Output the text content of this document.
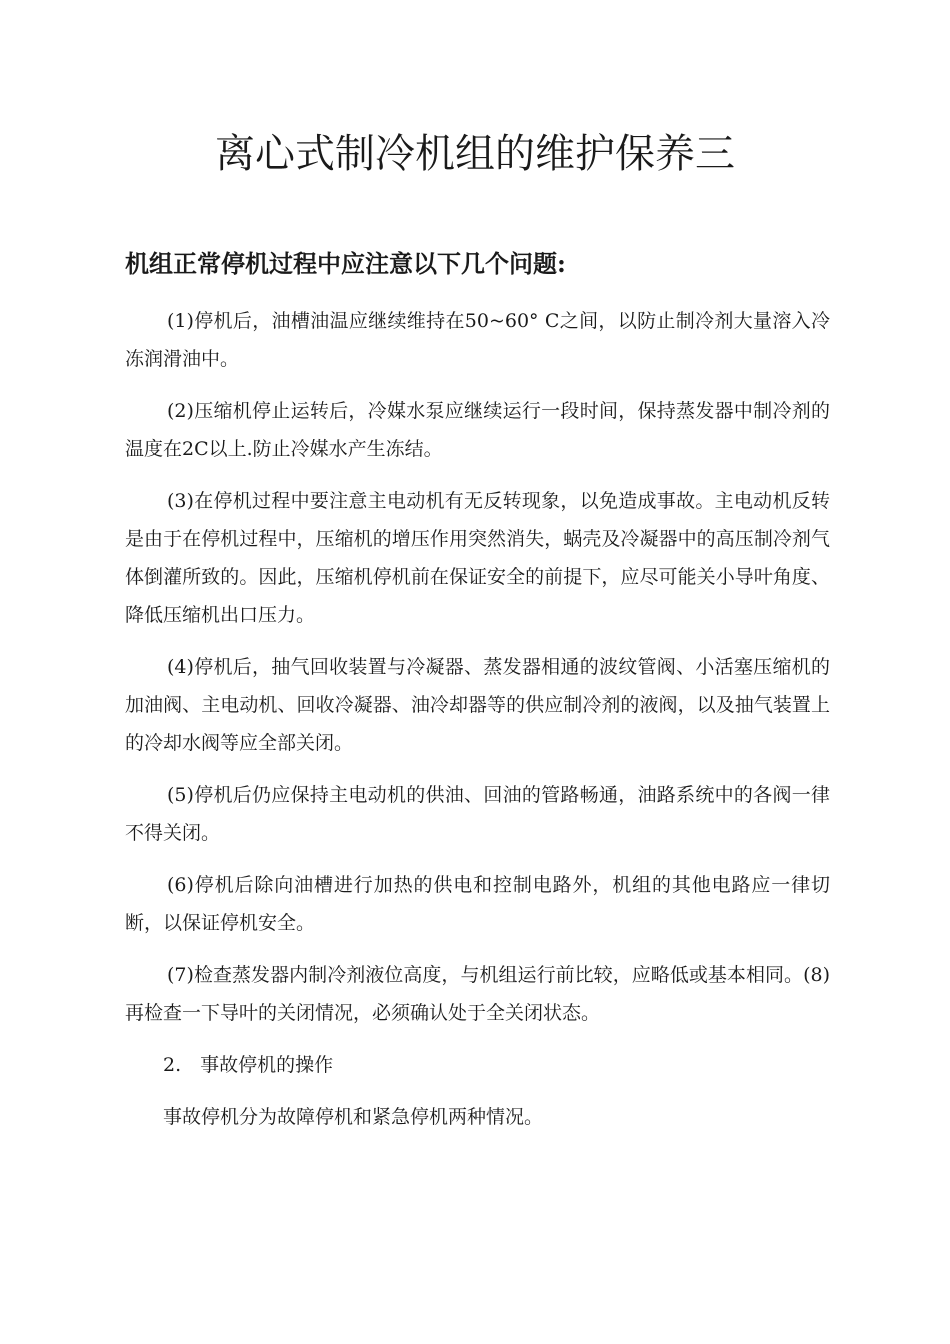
离心式制冷机组的维护保养三
机组正常停机过程中应注意以下几个问题:

(1)停机后，油槽油温应继续维持在50~60° C之间，以防止制冷剂大量溶入冷冻润滑油中。

(2)压缩机停止运转后，冷媒水泵应继续运行一段时间，保持蒸发器中制冷剂的温度在2C以上.防止冷媒水产生冻结。

(3)在停机过程中要注意主电动机有无反转现象，以免造成事故。主电动机反转是由于在停机过程中，压缩机的增压作用突然消失，蜗壳及冷凝器中的高压制冷剂气体倒灌所致的。因此，压缩机停机前在保证安全的前提下，应尽可能关小导叶角度、降低压缩机出口压力。

(4)停机后，抽气回收装置与冷凝器、蒸发器相通的波纹管阀、小活塞压缩机的加油阀、主电动机、回收冷凝器、油冷却器等的供应制冷剂的液阀，以及抽气装置上的冷却水阀等应全部关闭。

(5)停机后仍应保持主电动机的供油、回油的管路畅通，油路系统中的各阀一律不得关闭。

(6)停机后除向油槽进行加热的供电和控制电路外，机组的其他电路应一律切断，以保证停机安全。

(7)检查蒸发器内制冷剂液位高度，与机组运行前比较，应略低或基本相同。(8)再检查一下导叶的关闭情况，必须确认处于全关闭状态。

2.　事故停机的操作

事故停机分为故障停机和紧急停机两种情况。
